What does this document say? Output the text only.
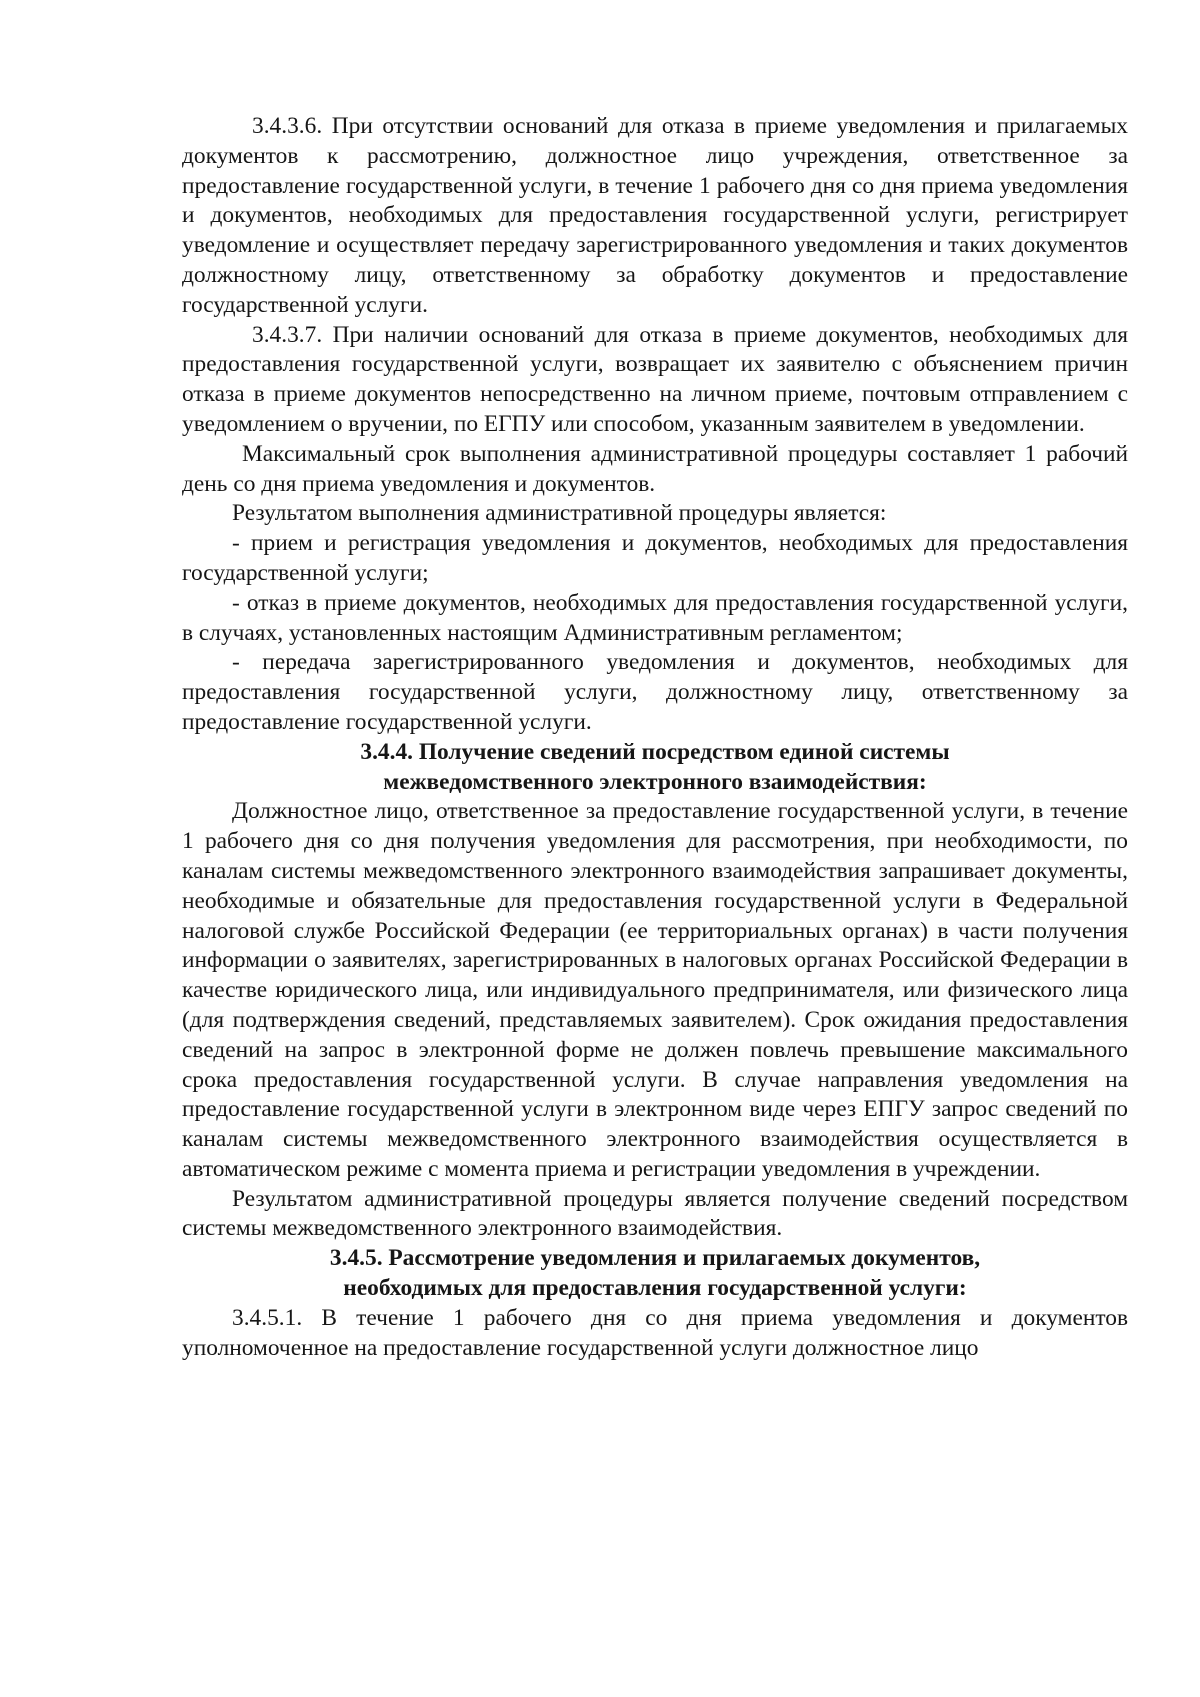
3.4.3.6. При отсутствии оснований для отказа в приеме уведомления и прилагаемых документов к рассмотрению, должностное лицо учреждения, ответственное за предоставление государственной услуги, в течение 1 рабочего дня со дня приема уведомления и документов, необходимых для предоставления государственной услуги, регистрирует уведомление и осуществляет передачу зарегистрированного уведомления и таких документов должностному лицу, ответственному за обработку документов и предоставление государственной услуги.

3.4.3.7. При наличии оснований для отказа в приеме документов, необходимых для предоставления государственной услуги, возвращает их заявителю с объяснением причин отказа в приеме документов непосредственно на личном приеме, почтовым отправлением с уведомлением о вручении, по ЕГПУ или способом, указанным заявителем в уведомлении.

Максимальный срок выполнения административной процедуры составляет 1 рабочий день со дня приема уведомления и документов.

Результатом выполнения административной процедуры является:

- прием и регистрация уведомления и документов, необходимых для предоставления государственной услуги;

- отказ в приеме документов, необходимых для предоставления государственной услуги, в случаях, установленных настоящим Административным регламентом;

- передача зарегистрированного уведомления и документов, необходимых для предоставления государственной услуги, должностному лицу, ответственному за предоставление государственной услуги.

3.4.4. Получение сведений посредством единой системы
межведомственного электронного взаимодействия:

Должностное лицо, ответственное за предоставление государственной услуги, в течение 1 рабочего дня со дня получения уведомления для рассмотрения, при необходимости, по каналам системы межведомственного электронного взаимодействия запрашивает документы, необходимые и обязательные для предоставления государственной услуги в Федеральной налоговой службе Российской Федерации (ее территориальных органах) в части получения информации о заявителях, зарегистрированных в налоговых органах Российской Федерации в качестве юридического лица, или индивидуального предпринимателя, или физического лица (для подтверждения сведений, представляемых заявителем). Срок ожидания предоставления сведений на запрос в электронной форме не должен повлечь превышение максимального срока предоставления государственной услуги. В случае направления уведомления на предоставление государственной услуги в электронном виде через ЕПГУ запрос сведений по каналам системы межведомственного электронного взаимодействия осуществляется в автоматическом режиме с момента приема и регистрации уведомления в учреждении.

Результатом административной процедуры является получение сведений посредством системы межведомственного электронного взаимодействия.

3.4.5. Рассмотрение уведомления и прилагаемых документов,
необходимых для предоставления государственной услуги:

3.4.5.1. В течение 1 рабочего дня со дня приема уведомления и документов уполномоченное на предоставление государственной услуги должностное лицо
